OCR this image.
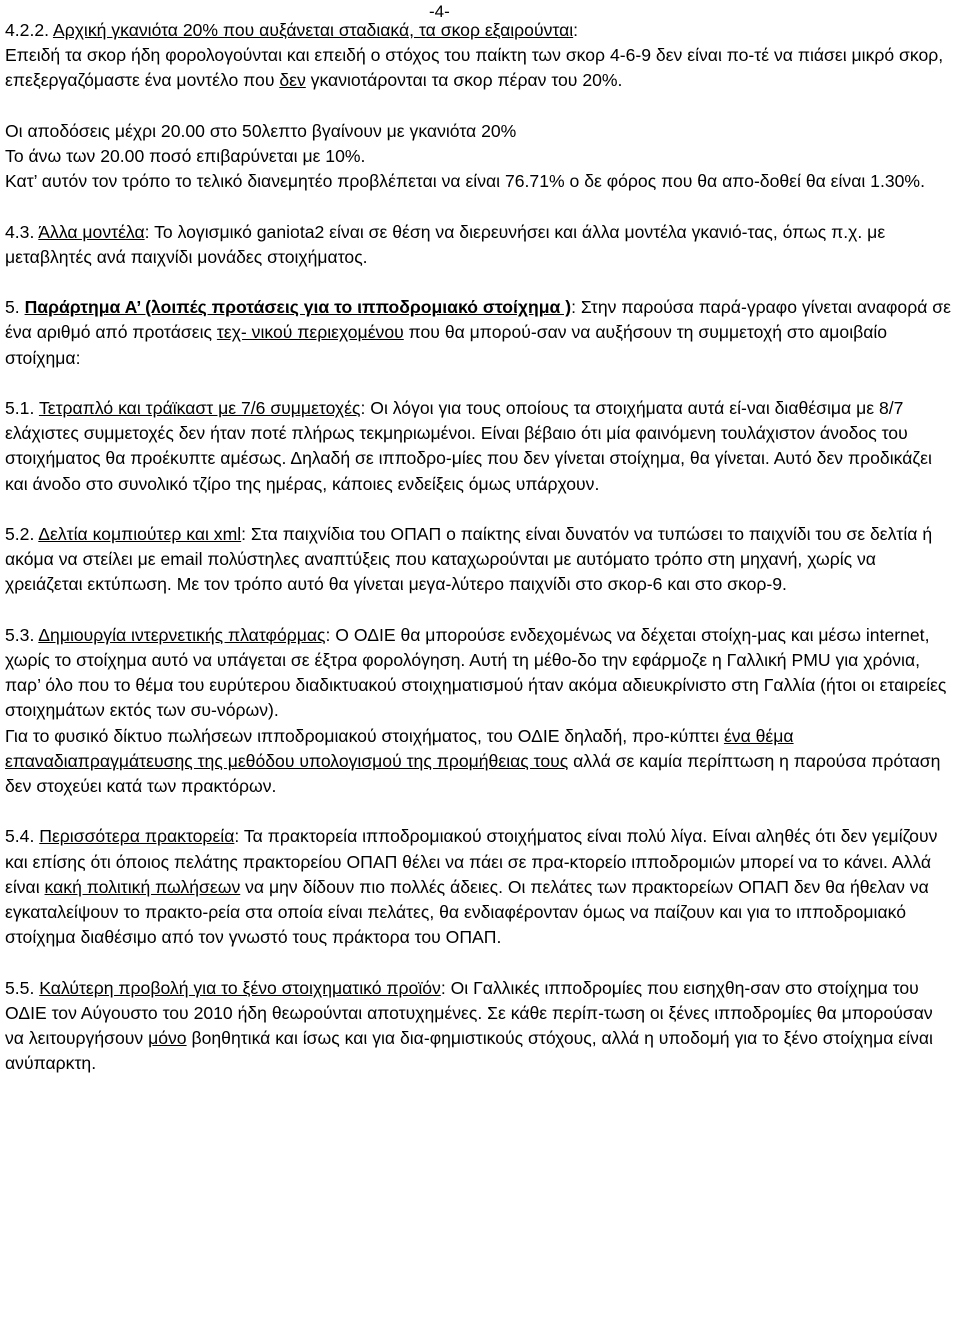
-4-

4.2.2. Αρχική γκανιότα 20% που αυξάνεται σταδιακά, τα σκορ εξαιρούνται:
Επειδή τα σκορ ήδη φορολογούνται και επειδή ο στόχος του παίκτη των σκορ 4-6-9 δεν είναι πο-τέ να πιάσει μικρό σκορ, επεξεργαζόμαστε ένα μοντέλο που δεν γκανιοτάρονται τα σκορ πέραν του 20%.

Οι αποδόσεις μέχρι 20.00 στο 50λεπτο βγαίνουν με γκανιότα 20%

Το άνω των 20.00 ποσό επιβαρύνεται με 10%.

Κατ’ αυτόν τον τρόπο το τελικό διανεμητέο προβλέπεται να είναι 76.71% ο δε φόρος που θα απο-δοθεί θα είναι 1.30%.

4.3. Άλλα μοντέλα: Το λογισμικό ganiota2 είναι σε θέση να διερευνήσει και άλλα μοντέλα γκανιό-τας, όπως π.χ. με μεταβλητές ανά παιχνίδι μονάδες στοιχήματος.

5. Παράρτημα Α’ (λοιπές προτάσεις για το ιπποδρομιακό στοίχημα ): Στην παρούσα παρά-γραφο γίνεται αναφορά σε ένα αριθμό από προτάσεις τεχ- νικού περιεχομένου που θα μπορού-σαν να αυξήσουν τη συμμετοχή στο αμοιβαίο στοίχημα:

5.1. Τετραπλό και τράϊκαστ με 7/6 συμμετοχές: Οι λόγοι για τους οποίους τα στοιχήματα αυτά εί-ναι διαθέσιμα με 8/7 ελάχιστες συμμετοχές δεν ήταν ποτέ πλήρως τεκμηριωμένοι. Είναι βέβαιο ότι μία φαινόμενη τουλάχιστον άνοδος του στοιχήματος θα προέκυπτε αμέσως. Δηλαδή σε ιπποδρο-μίες που δεν γίνεται στοίχημα, θα γίνεται. Αυτό δεν προδικάζει και άνοδο στο συνολικό τζίρο της ημέρας, κάποιες ενδείξεις όμως υπάρχουν.

5.2. Δελτία κομπιούτερ και xml: Στα παιχνίδια του ΟΠΑΠ ο παίκτης είναι δυνατόν να τυπώσει το παιχνίδι του σε δελτία ή ακόμα να στείλει με email πολύστηλες αναπτύξεις που καταχωρούνται με αυτόματο τρόπο στη μηχανή, χωρίς να χρειάζεται εκτύπωση. Με τον τρόπο αυτό θα γίνεται μεγα-λύτερο παιχνίδι στο σκορ-6 και στο σκορ-9.

5.3. Δημιουργία ιντερνετικής πλατφόρμας: Ο ΟΔΙΕ θα μπορούσε ενδεχομένως να δέχεται στοίχη-μας και μέσω internet, χωρίς το στοίχημα αυτό να υπάγεται σε έξτρα φορολόγηση. Αυτή τη μέθο-δο την εφάρμοζε η Γαλλική PMU για χρόνια, παρ’ όλο που το θέμα του ευρύτερου διαδικτυακού στοιχηματισμού ήταν ακόμα αδιευκρίνιστο στη Γαλλία (ήτοι οι εταιρείες στοιχημάτων εκτός των συ-νόρων).

Για το φυσικό δίκτυο πωλήσεων ιπποδρομιακού στοιχήματος, του ΟΔΙΕ δηλαδή, προ-κύπτει ένα θέμα επαναδιαπραγμάτευσης της μεθόδου υπολογισμού της προμήθειας τους αλλά σε καμία περίπτωση η παρούσα πρόταση δεν στοχεύει κατά των πρακτόρων.

5.4. Περισσότερα πρακτορεία: Τα πρακτορεία ιπποδρομιακού στοιχήματος είναι πολύ λίγα. Είναι αληθές ότι δεν γεμίζουν και επίσης ότι όποιος πελάτης πρακτορείου ΟΠΑΠ θέλει να πάει σε πρα-κτορείο ιπποδρομιών μπορεί να το κάνει. Αλλά είναι κακή πολιτική πωλήσεων να μην δίδουν πιο πολλές άδειες. Οι πελάτες των πρακτορείων ΟΠΑΠ δεν θα ήθελαν να εγκαταλείψουν το πρακτο-ρεία στα οποία είναι πελάτες, θα ενδιαφέρονταν όμως να παίζουν και για το ιπποδρομιακό στοίχημα διαθέσιμο από τον γνωστό τους πράκτορα του ΟΠΑΠ.

5.5. Καλύτερη προβολή για το ξένο στοιχηματικό προϊόν: Οι Γαλλικές ιπποδρομίες που εισηχθη-σαν στο στοίχημα του ΟΔΙΕ τον Αύγουστο του 2010 ήδη θεωρούνται αποτυχημένες. Σε κάθε περίπ-τωση οι ξένες ιπποδρομίες θα μπορούσαν να λειτουργήσουν μόνο βοηθητικά και ίσως και για δια-φημιστικούς στόχους, αλλά η υποδομή για το ξένο στοίχημα είναι ανύπαρκτη.
